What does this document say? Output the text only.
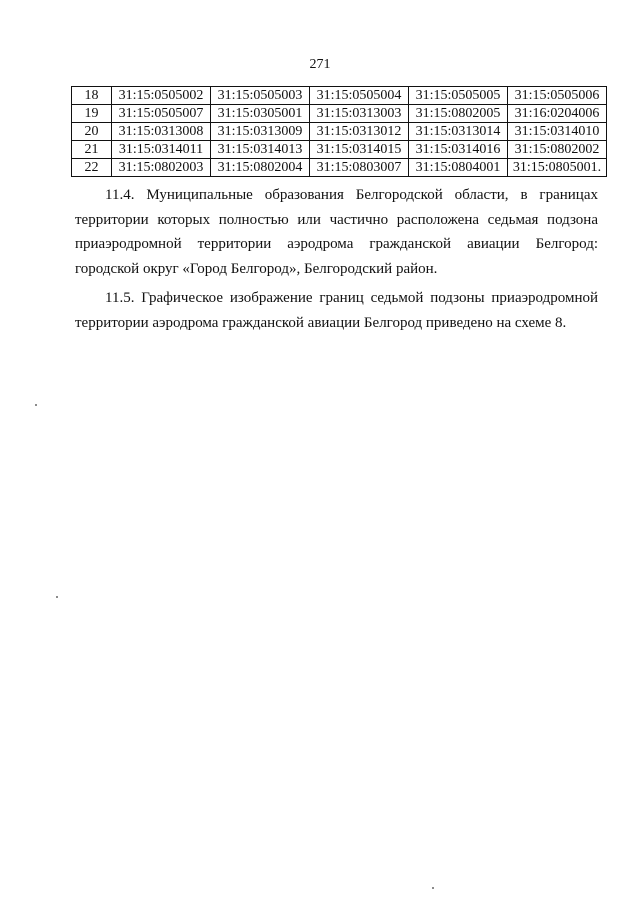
271
18	31:15:0505002	31:15:0505003	31:15:0505004	31:15:0505005	31:15:0505006
19	31:15:0505007	31:15:0305001	31:15:0313003	31:15:0802005	31:16:0204006
20	31:15:0313008	31:15:0313009	31:15:0313012	31:15:0313014	31:15:0314010
21	31:15:0314011	31:15:0314013	31:15:0314015	31:15:0314016	31:15:0802002
22	31:15:0802003	31:15:0802004	31:15:0803007	31:15:0804001	31:15:0805001.

11.4. Муниципальные образования Белгородской области, в границах территории которых полностью или частично расположена седьмая подзона приаэродромной территории аэродрома гражданской авиации Белгород: городской округ «Город Белгород», Белгородский район.

11.5. Графическое изображение границ седьмой подзоны приаэродромной территории аэродрома гражданской авиации Белгород приведено на схеме 8.
